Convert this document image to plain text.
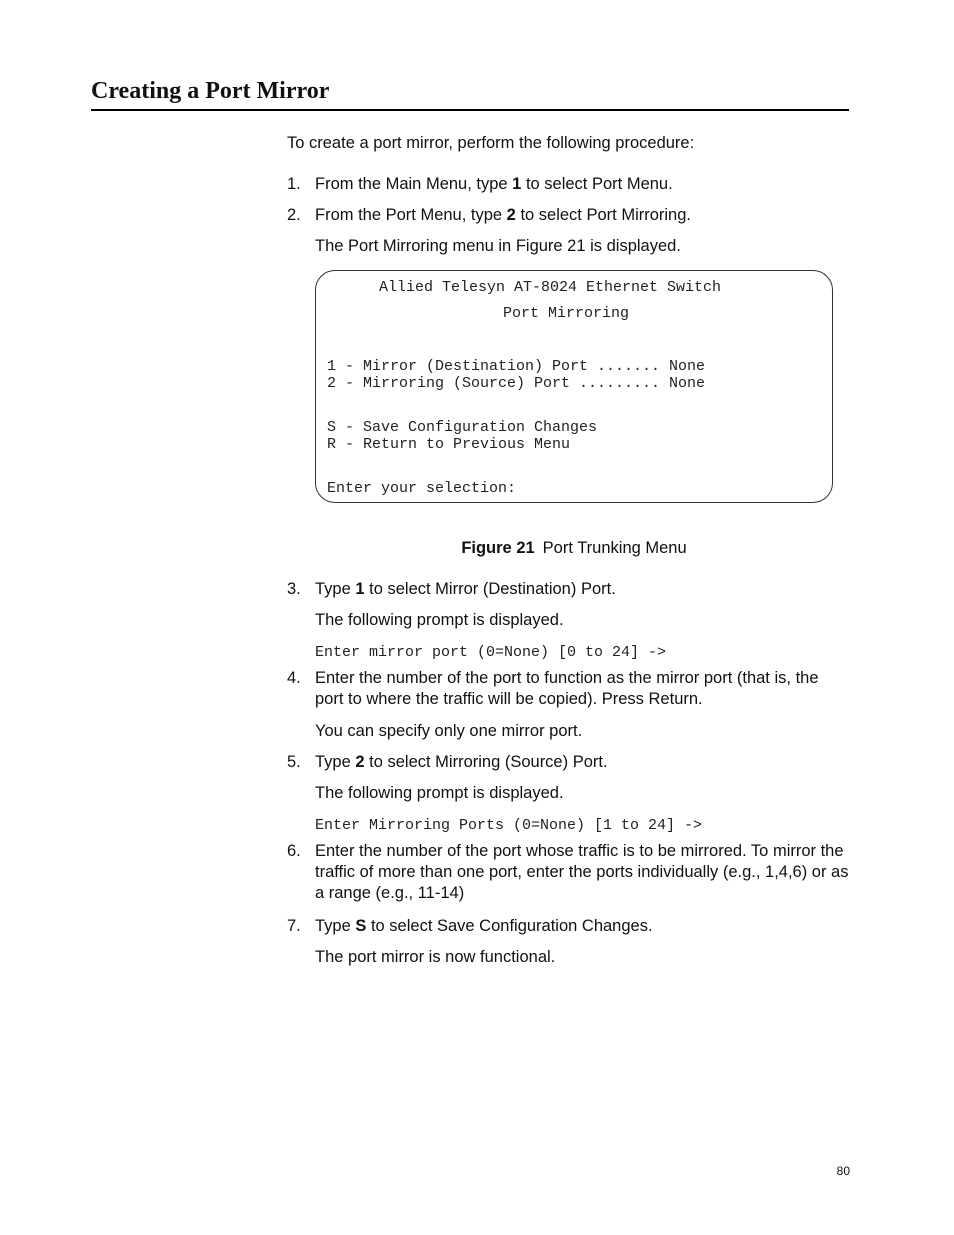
Creating a Port Mirror
To create a port mirror, perform the following procedure:
1. From the Main Menu, type 1 to select Port Menu.
2. From the Port Menu, type 2 to select Port Mirroring.
The Port Mirroring menu in Figure 21 is displayed.
Allied Telesyn AT-8024 Ethernet Switch
Port Mirroring
1 - Mirror (Destination) Port ....... None
2 - Mirroring (Source) Port ......... None
S - Save Configuration Changes
R - Return to Previous Menu
Enter your selection:
Figure 21 Port Trunking Menu
3. Type 1 to select Mirror (Destination) Port.
The following prompt is displayed.
Enter mirror port (0=None) [0 to 24] ->
4. Enter the number of the port to function as the mirror port (that is, the port to where the traffic will be copied). Press Return.
You can specify only one mirror port.
5. Type 2 to select Mirroring (Source) Port.
The following prompt is displayed.
Enter Mirroring Ports (0=None) [1 to 24] ->
6. Enter the number of the port whose traffic is to be mirrored. To mirror the traffic of more than one port, enter the ports individually (e.g., 1,4,6) or as a range (e.g., 11-14)
7. Type S to select Save Configuration Changes.
The port mirror is now functional.
80
